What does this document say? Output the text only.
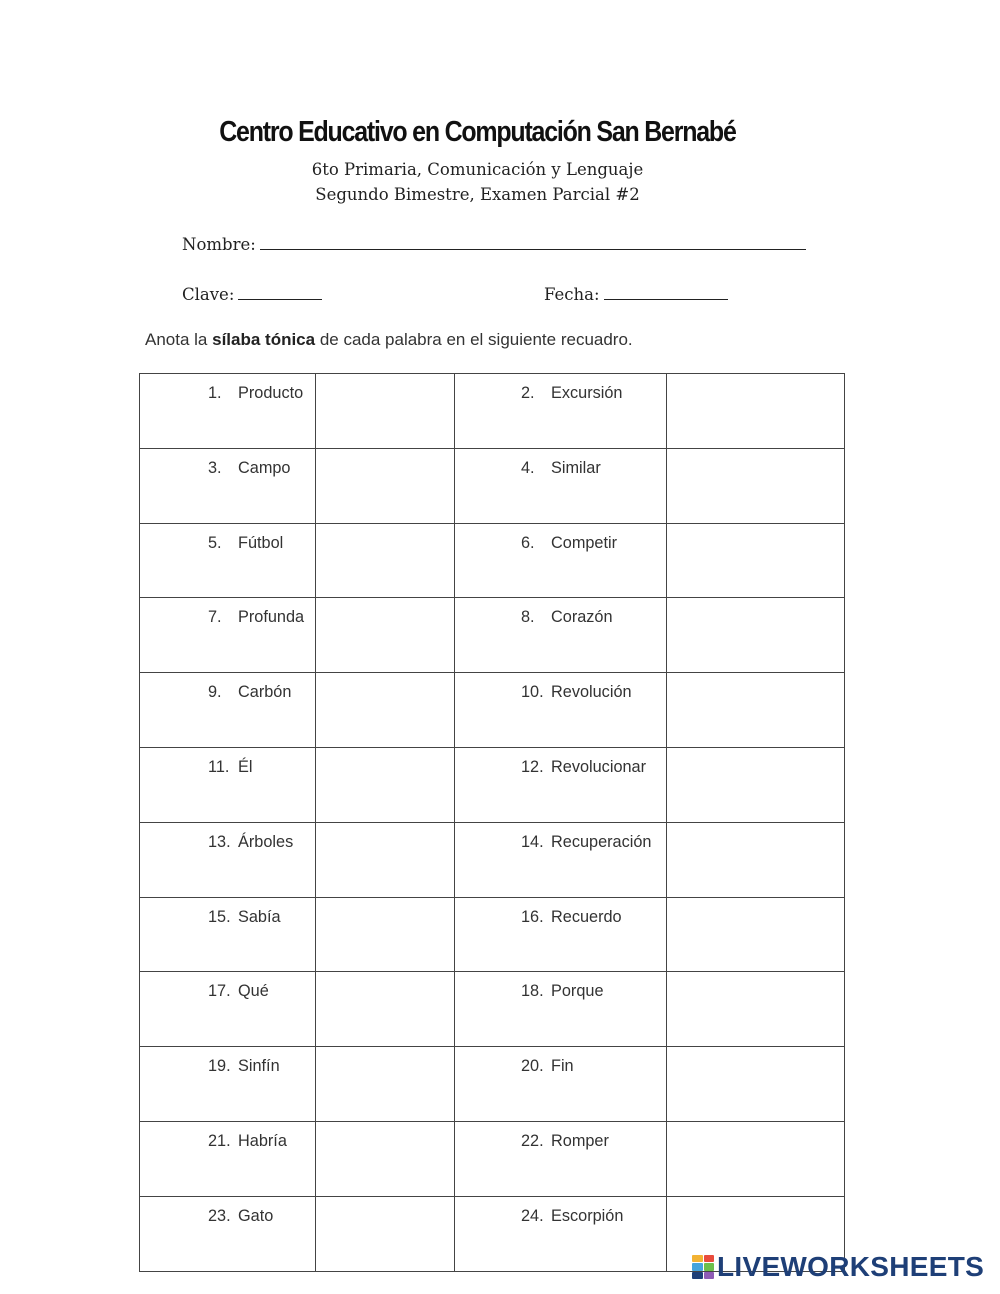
Centro Educativo en Computación San Bernabé
6to Primaria, Comunicación y Lenguaje
Segundo Bimestre, Examen Parcial #2
Nombre:
Clave:	Fecha:
Anota la sílaba tónica de cada palabra en el siguiente recuadro.
1. Producto		2. Excursión	
3. Campo		4. Similar	
5. Fútbol		6. Competir	
7. Profunda		8. Corazón	
9. Carbón		10. Revolución	
11. Él		12. Revolucionar	
13. Árboles		14. Recuperación	
15. Sabía		16. Recuerdo	
17. Qué		18. Porque	
19. Sinfín		20. Fin	
21. Habría		22. Romper	
23. Gato		24. Escorpión	
LIVEWORKSHEETS
